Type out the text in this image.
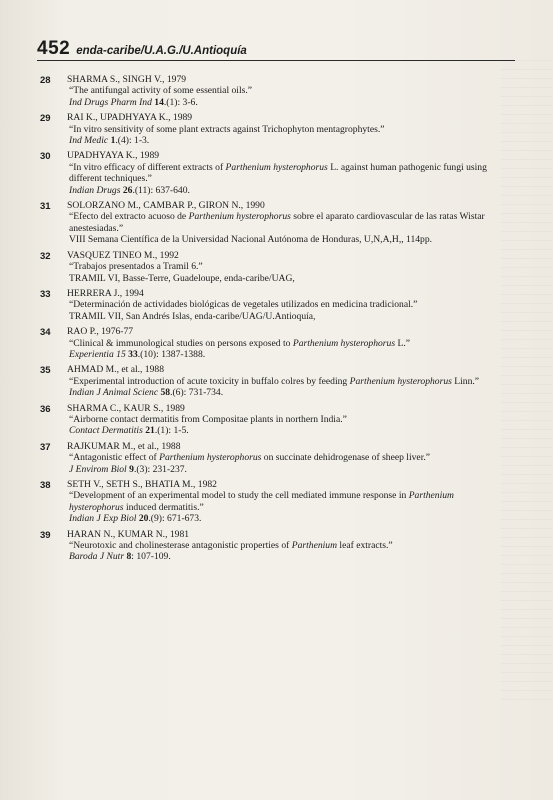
452 enda-caribe/U.A.G./U.Antioquía
28	SHARMA S., SINGH V., 1979
“The antifungal activity of some essential oils.”
Ind Drugs Pharm Ind 14.(1): 3-6.
29	RAI K., UPADHYAYA K., 1989
“In vitro sensitivity of some plant extracts against Trichophyton mentagrophytes.”
Ind Medic 1.(4): 1-3.
30	UPADHYAYA K., 1989
“In vitro efficacy of different extracts of Parthenium hysterophorus L. against human pathogenic fungi using
different techniques.”
Indian Drugs 26.(11): 637-640.
31	SOLORZANO M., CAMBAR P., GIRON N., 1990
“Efecto del extracto acuoso de Parthenium hysterophorus sobre el aparato cardiovascular de las ratas Wistar
anestesiadas.”
VIII Semana Científica de la Universidad Nacional Autónoma de Honduras, U,N,A,H,, 114pp.
32	VASQUEZ TINEO M., 1992
“Trabajos presentados a Tramil 6.”
TRAMIL VI, Basse-Terre, Guadeloupe, enda-caribe/UAG,
33	HERRERA J., 1994
“Determinación de actividades biológicas de vegetales utilizados en medicina tradicional.”
TRAMIL VII, San Andrés Islas, enda-caribe/UAG/U.Antioquía,
34	RAO P., 1976-77
“Clinical & immunological studies on persons exposed to Parthenium hysterophorus L.”
Experientia 15 33.(10): 1387-1388.
35	AHMAD M., et al., 1988
“Experimental introduction of acute toxicity in buffalo colres by feeding Parthenium hysterophorus Linn.”
Indian J Animal Scienc 58.(6): 731-734.
36	SHARMA C., KAUR S., 1989
“Airborne contact dermatitis from Compositae plants in northern India.”
Contact Dermatitis 21.(1): 1-5.
37	RAJKUMAR M., et al., 1988
“Antagonistic effect of Parthenium hysterophorus on succinate dehidrogenase of sheep liver.”
J Envirom Biol 9.(3): 231-237.
38	SETH V., SETH S., BHATIA M., 1982
“Development of an experimental model to study the cell mediated immune response in Parthenium
hysterophorus induced dermatitis.”
Indian J Exp Biol 20.(9): 671-673.
39	HARAN N., KUMAR N., 1981
“Neurotoxic and cholinesterase antagonistic properties of Parthenium leaf extracts.”
Baroda J Nutr 8: 107-109.
